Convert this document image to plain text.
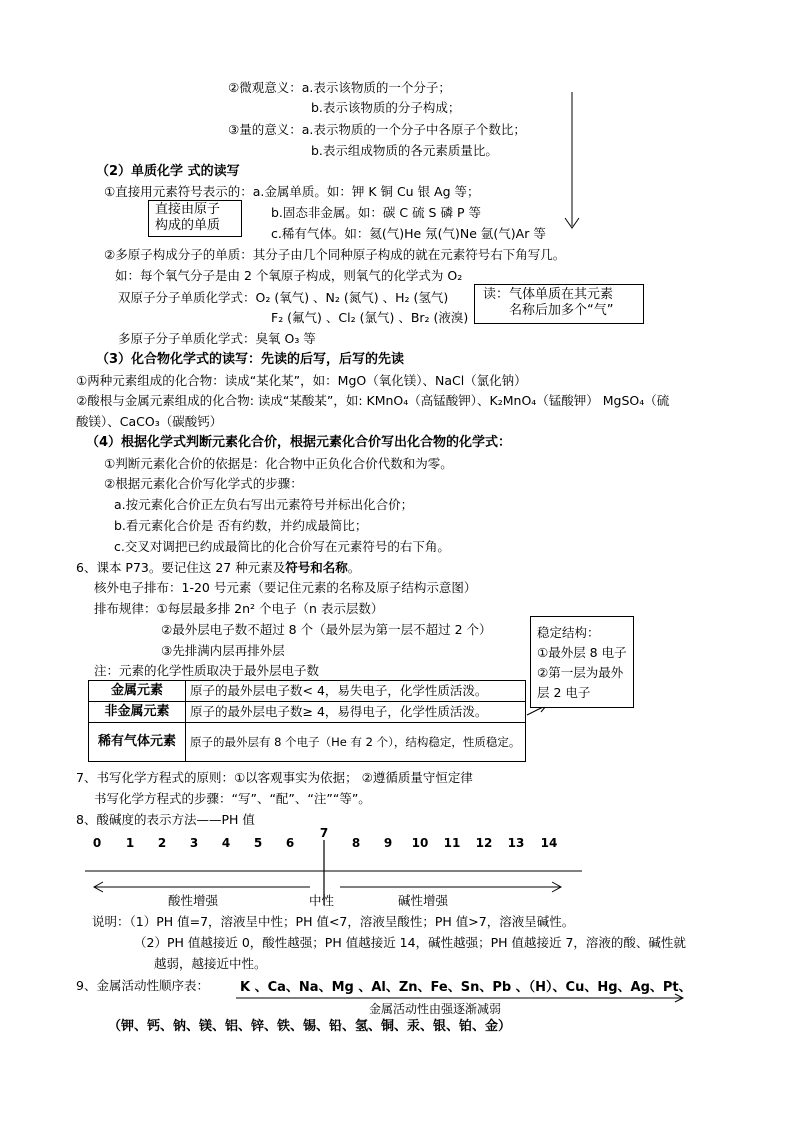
②微观意义：a.表示该物质的一个分子；
b.表示该物质的分子构成；
③量的意义：a.表示物质的一个分子中各原子个数比；
b.表示组成物质的各元素质量比。
（2）单质化学 式的读写
①直接用元素符号表示的：a.金属单质。如：钾 K 铜 Cu 银 Ag 等；
b.固态非金属。如：碳 C 硫 S 磷 P 等
c.稀有气体。如：氦(气)He 氖(气)Ne 氩(气)Ar 等
直接由原子
构成的单质
②多原子构成分子的单质：其分子由几个同种原子构成的就在元素符号右下角写几。
如：每个氧气分子是由 2 个氧原子构成，则氧气的化学式为 O₂
双原子分子单质化学式：O₂ (氧气) 、N₂ (氮气) 、H₂ (氢气)
F₂ (氟气) 、Cl₂ (氯气) 、Br₂ (液溴)
读：气体单质在其元素
名称后加多个“气”
多原子分子单质化学式：臭氧 O₃ 等
（3）化合物化学式的读写：先读的后写，后写的先读
①两种元素组成的化合物：读成“某化某”，如：MgO（氧化镁）、NaCl（氯化钠）
②酸根与金属元素组成的化合物: 读成“某酸某”，如: KMnO₄（高锰酸钾）、K₂MnO₄（锰酸钾） MgSO₄（硫
酸镁）、CaCO₃（碳酸钙）
（4）根据化学式判断元素化合价，根据元素化合价写出化合物的化学式：
①判断元素化合价的依据是：化合物中正负化合价代数和为零。
②根据元素化合价写化学式的步骤：
a.按元素化合价正左负右写出元素符号并标出化合价；
b.看元素化合价是 否有约数，并约成最简比；
c.交叉对调把已约成最简比的化合价写在元素符号的右下角。
6、课本 P73。要记住这 27 种元素及符号和名称。
核外电子排布：1-20 号元素（要记住元素的名称及原子结构示意图）
排布规律：①每层最多排 2n² 个电子（n 表示层数）
②最外层电子数不超过 8 个（最外层为第一层不超过 2 个）
③先排满内层再排外层
稳定结构：
①最外层 8 电子
②第一层为最外
层 2 电子
注：元素的化学性质取决于最外层电子数
金属元素	原子的最外层电子数< 4，易失电子，化学性质活泼。
非金属元素	原子的最外层电子数≥ 4，易得电子，化学性质活泼。
稀有气体元素	原子的最外层有 8 个电子（He 有 2 个），结构稳定，性质稳定。
7、书写化学方程式的原则：①以客观事实为依据； ②遵循质量守恒定律
书写化学方程式的步骤：“写”、“配”、“注”“等”。
8、酸碱度的表示方法——PH 值
0	1	2	3	4	5	6
7
8	9	10	11	12	13	14
酸性增强	中性	碱性增强
说明：（1）PH 值=7，溶液呈中性；PH 值<7，溶液呈酸性；PH 值>7，溶液呈碱性。
（2）PH 值越接近 0，酸性越强；PH 值越接近 14，碱性越强；PH 值越接近 7，溶液的酸、碱性就
越弱，越接近中性。
9、金属活动性顺序表： K 、Ca、Na、Mg 、Al、Zn、Fe、Sn、Pb 、（H）、Cu、Hg、Ag、Pt、
金属活动性由强逐渐减弱
（钾、钙、钠、镁、铝、锌、铁、锡、铅、氢、铜、汞、银、铂、金）
